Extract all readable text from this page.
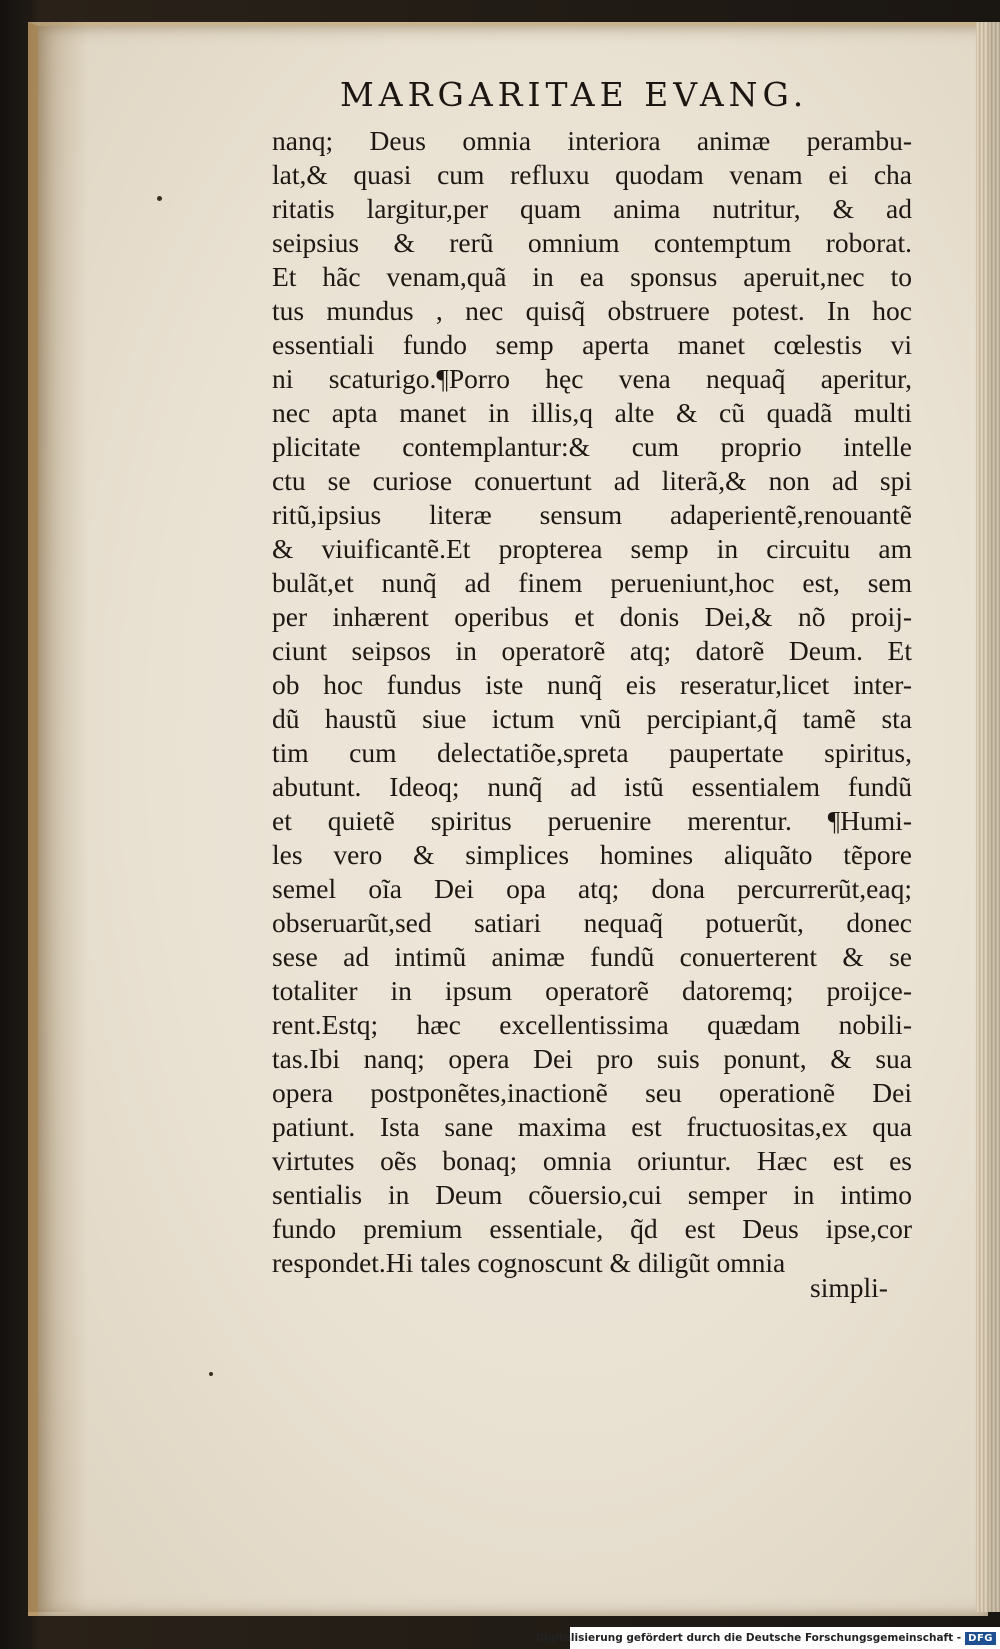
MARGARITAE EVANG.
nanq; Deus omnia interiora animæ perambu-
lat,& quasi cum refluxu quodam venam ei cha
ritatis largitur,per quam anima nutritur, & ad
seipsius & rerũ omnium contemptum roborat.
Et hãc venam,quã in ea sponsus aperuit,nec to
tus mundus , nec quisq̃ obstruere potest. In hoc
essentiali fundo semp aperta manet cœlestis vi
ni scaturigo.¶Porro hęc vena nequaq̃ aperitur,
nec apta manet in illis,q alte & cũ quadã multi
plicitate contemplantur:& cum proprio intelle
ctu se curiose conuertunt ad literã,& non ad spi
ritũ,ipsius literæ sensum adaperientẽ,renouantẽ
& viuificantẽ.Et propterea semp in circuitu am
bulãt,et nunq̃ ad finem perueniunt,hoc est, sem
per inhærent operibus et donis Dei,& nõ proij-
ciunt seipsos in operatorẽ atq; datorẽ Deum. Et
ob hoc fundus iste nunq̃ eis reseratur,licet inter-
dũ haustũ siue ictum vnũ percipiant,q̃ tamẽ sta
tim cum delectatiõe,spreta paupertate spiritus,
abutunt. Ideoq; nunq̃ ad istũ essentialem fundũ
et quietẽ spiritus peruenire merentur. ¶Humi-
les vero & simplices homines aliquãto tẽpore
semel oĩa Dei opa atq; dona percurrerũt,eaq;
obseruarũt,sed satiari nequaq̃ potuerũt, donec
sese ad intimũ animæ fundũ conuerterent & se
totaliter in ipsum operatorẽ datoremq; proijce-
rent.Estq; hæc excellentissima quædam nobili-
tas.Ibi nanq; opera Dei pro suis ponunt, & sua
opera postponẽtes,inactionẽ seu operationẽ Dei
patiunt. Ista sane maxima est fructuositas,ex qua
virtutes oẽs bonaq; omnia oriuntur. Hæc est es
sentialis in Deum cõuersio,cui semper in intimo
fundo premium essentiale, q̃d est Deus ipse,cor
respondet.Hi tales cognoscunt & diligũt omnia
simpli-
Digitalisierung gefördert durch die Deutsche Forschungsgemeinschaft - DFG
